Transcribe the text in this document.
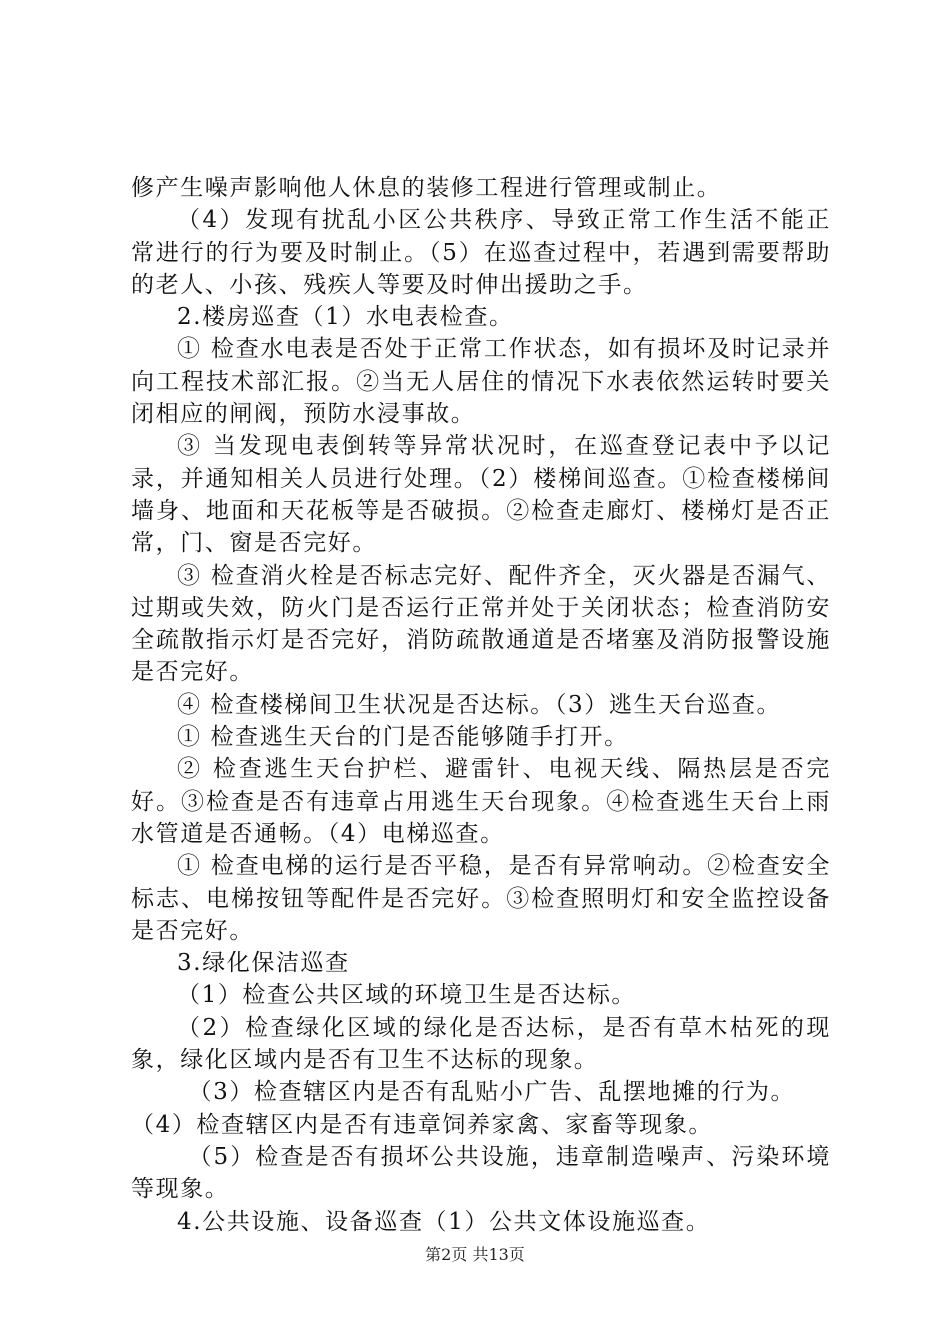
修产生噪声影响他人休息的装修工程进行管理或制止。

（4）发现有扰乱小区公共秩序、导致正常工作生活不能正常进行的行为要及时制止。（5）在巡查过程中，若遇到需要帮助的老人、小孩、残疾人等要及时伸出援助之手。

2.楼房巡查（1）水电表检查。

① 检查水电表是否处于正常工作状态，如有损坏及时记录并向工程技术部汇报。②当无人居住的情况下水表依然运转时要关闭相应的闸阀，预防水浸事故。

③ 当发现电表倒转等异常状况时，在巡查登记表中予以记录，并通知相关人员进行处理。（2）楼梯间巡查。①检查楼梯间墙身、地面和天花板等是否破损。②检查走廊灯、楼梯灯是否正常，门、窗是否完好。

③ 检查消火栓是否标志完好、配件齐全，灭火器是否漏气、过期或失效，防火门是否运行正常并处于关闭状态；检查消防安全疏散指示灯是否完好，消防疏散通道是否堵塞及消防报警设施是否完好。

④ 检查楼梯间卫生状况是否达标。（3）逃生天台巡查。

① 检查逃生天台的门是否能够随手打开。

② 检查逃生天台护栏、避雷针、电视天线、隔热层是否完好。③检查是否有违章占用逃生天台现象。④检查逃生天台上雨水管道是否通畅。（4）电梯巡查。

① 检查电梯的运行是否平稳，是否有异常响动。②检查安全标志、电梯按钮等配件是否完好。③检查照明灯和安全监控设备是否完好。

3.绿化保洁巡查

（1）检查公共区域的环境卫生是否达标。

（2）检查绿化区域的绿化是否达标，是否有草木枯死的现象，绿化区域内是否有卫生不达标的现象。

（3）检查辖区内是否有乱贴小广告、乱摆地摊的行为。

（4）检查辖区内是否有违章饲养家禽、家畜等现象。

（5）检查是否有损坏公共设施，违章制造噪声、污染环境等现象。

4.公共设施、设备巡查（1）公共文体设施巡查。

第2页 共13页
